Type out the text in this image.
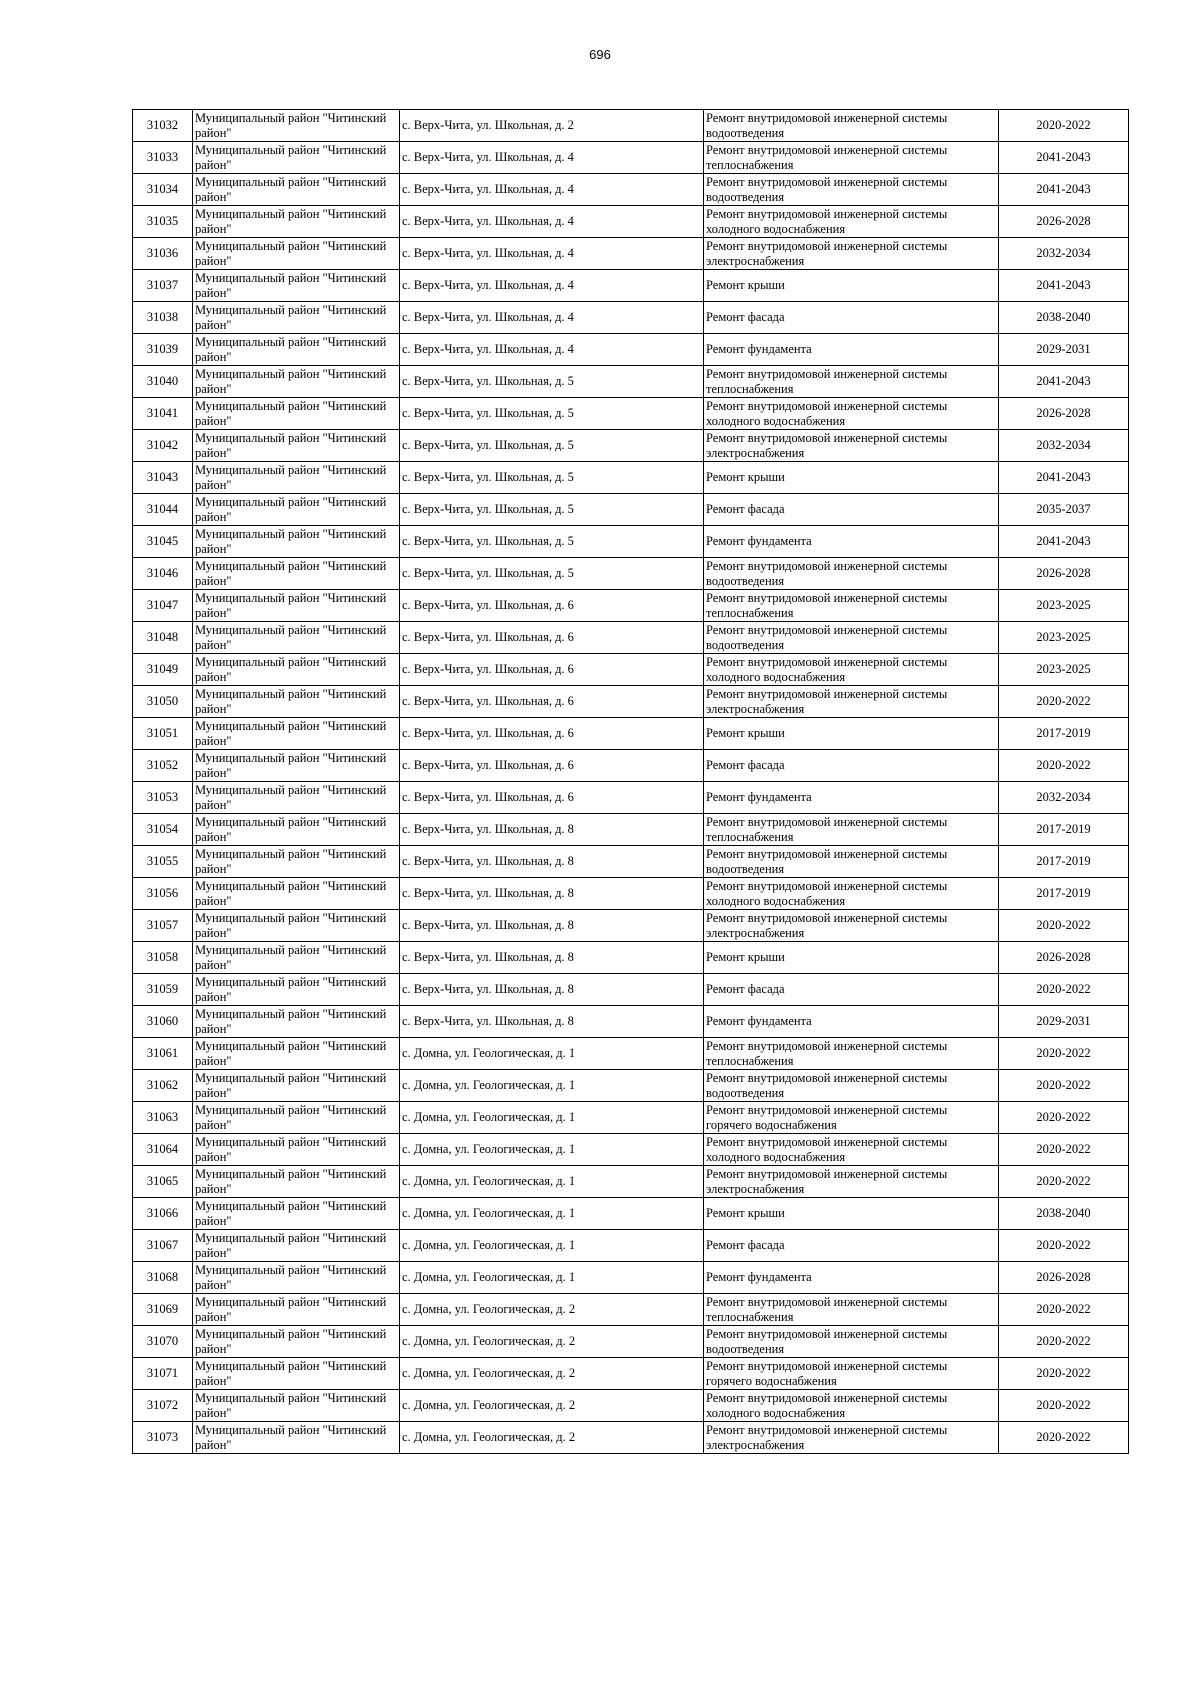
696
31032	Муниципальный район "Читинский район"	с. Верх-Чита, ул. Школьная, д. 2	Ремонт внутридомовой инженерной системы водоотведения	2020-2022
31033	Муниципальный район "Читинский район"	с. Верх-Чита, ул. Школьная, д. 4	Ремонт внутридомовой инженерной системы теплоснабжения	2041-2043
31034	Муниципальный район "Читинский район"	с. Верх-Чита, ул. Школьная, д. 4	Ремонт внутридомовой инженерной системы водоотведения	2041-2043
31035	Муниципальный район "Читинский район"	с. Верх-Чита, ул. Школьная, д. 4	Ремонт внутридомовой инженерной системы холодного водоснабжения	2026-2028
31036	Муниципальный район "Читинский район"	с. Верх-Чита, ул. Школьная, д. 4	Ремонт внутридомовой инженерной системы электроснабжения	2032-2034
31037	Муниципальный район "Читинский район"	с. Верх-Чита, ул. Школьная, д. 4	Ремонт крыши	2041-2043
31038	Муниципальный район "Читинский район"	с. Верх-Чита, ул. Школьная, д. 4	Ремонт фасада	2038-2040
31039	Муниципальный район "Читинский район"	с. Верх-Чита, ул. Школьная, д. 4	Ремонт фундамента	2029-2031
31040	Муниципальный район "Читинский район"	с. Верх-Чита, ул. Школьная, д. 5	Ремонт внутридомовой инженерной системы теплоснабжения	2041-2043
31041	Муниципальный район "Читинский район"	с. Верх-Чита, ул. Школьная, д. 5	Ремонт внутридомовой инженерной системы холодного водоснабжения	2026-2028
31042	Муниципальный район "Читинский район"	с. Верх-Чита, ул. Школьная, д. 5	Ремонт внутридомовой инженерной системы электроснабжения	2032-2034
31043	Муниципальный район "Читинский район"	с. Верх-Чита, ул. Школьная, д. 5	Ремонт крыши	2041-2043
31044	Муниципальный район "Читинский район"	с. Верх-Чита, ул. Школьная, д. 5	Ремонт фасада	2035-2037
31045	Муниципальный район "Читинский район"	с. Верх-Чита, ул. Школьная, д. 5	Ремонт фундамента	2041-2043
31046	Муниципальный район "Читинский район"	с. Верх-Чита, ул. Школьная, д. 5	Ремонт внутридомовой инженерной системы водоотведения	2026-2028
31047	Муниципальный район "Читинский район"	с. Верх-Чита, ул. Школьная, д. 6	Ремонт внутридомовой инженерной системы теплоснабжения	2023-2025
31048	Муниципальный район "Читинский район"	с. Верх-Чита, ул. Школьная, д. 6	Ремонт внутридомовой инженерной системы водоотведения	2023-2025
31049	Муниципальный район "Читинский район"	с. Верх-Чита, ул. Школьная, д. 6	Ремонт внутридомовой инженерной системы холодного водоснабжения	2023-2025
31050	Муниципальный район "Читинский район"	с. Верх-Чита, ул. Школьная, д. 6	Ремонт внутридомовой инженерной системы электроснабжения	2020-2022
31051	Муниципальный район "Читинский район"	с. Верх-Чита, ул. Школьная, д. 6	Ремонт крыши	2017-2019
31052	Муниципальный район "Читинский район"	с. Верх-Чита, ул. Школьная, д. 6	Ремонт фасада	2020-2022
31053	Муниципальный район "Читинский район"	с. Верх-Чита, ул. Школьная, д. 6	Ремонт фундамента	2032-2034
31054	Муниципальный район "Читинский район"	с. Верх-Чита, ул. Школьная, д. 8	Ремонт внутридомовой инженерной системы теплоснабжения	2017-2019
31055	Муниципальный район "Читинский район"	с. Верх-Чита, ул. Школьная, д. 8	Ремонт внутридомовой инженерной системы водоотведения	2017-2019
31056	Муниципальный район "Читинский район"	с. Верх-Чита, ул. Школьная, д. 8	Ремонт внутридомовой инженерной системы холодного водоснабжения	2017-2019
31057	Муниципальный район "Читинский район"	с. Верх-Чита, ул. Школьная, д. 8	Ремонт внутридомовой инженерной системы электроснабжения	2020-2022
31058	Муниципальный район "Читинский район"	с. Верх-Чита, ул. Школьная, д. 8	Ремонт крыши	2026-2028
31059	Муниципальный район "Читинский район"	с. Верх-Чита, ул. Школьная, д. 8	Ремонт фасада	2020-2022
31060	Муниципальный район "Читинский район"	с. Верх-Чита, ул. Школьная, д. 8	Ремонт фундамента	2029-2031
31061	Муниципальный район "Читинский район"	с. Домна, ул. Геологическая, д. 1	Ремонт внутридомовой инженерной системы теплоснабжения	2020-2022
31062	Муниципальный район "Читинский район"	с. Домна, ул. Геологическая, д. 1	Ремонт внутридомовой инженерной системы водоотведения	2020-2022
31063	Муниципальный район "Читинский район"	с. Домна, ул. Геологическая, д. 1	Ремонт внутридомовой инженерной системы горячего водоснабжения	2020-2022
31064	Муниципальный район "Читинский район"	с. Домна, ул. Геологическая, д. 1	Ремонт внутридомовой инженерной системы холодного водоснабжения	2020-2022
31065	Муниципальный район "Читинский район"	с. Домна, ул. Геологическая, д. 1	Ремонт внутридомовой инженерной системы электроснабжения	2020-2022
31066	Муниципальный район "Читинский район"	с. Домна, ул. Геологическая, д. 1	Ремонт крыши	2038-2040
31067	Муниципальный район "Читинский район"	с. Домна, ул. Геологическая, д. 1	Ремонт фасада	2020-2022
31068	Муниципальный район "Читинский район"	с. Домна, ул. Геологическая, д. 1	Ремонт фундамента	2026-2028
31069	Муниципальный район "Читинский район"	с. Домна, ул. Геологическая, д. 2	Ремонт внутридомовой инженерной системы теплоснабжения	2020-2022
31070	Муниципальный район "Читинский район"	с. Домна, ул. Геологическая, д. 2	Ремонт внутридомовой инженерной системы водоотведения	2020-2022
31071	Муниципальный район "Читинский район"	с. Домна, ул. Геологическая, д. 2	Ремонт внутридомовой инженерной системы горячего водоснабжения	2020-2022
31072	Муниципальный район "Читинский район"	с. Домна, ул. Геологическая, д. 2	Ремонт внутридомовой инженерной системы холодного водоснабжения	2020-2022
31073	Муниципальный район "Читинский район"	с. Домна, ул. Геологическая, д. 2	Ремонт внутридомовой инженерной системы электроснабжения	2020-2022
